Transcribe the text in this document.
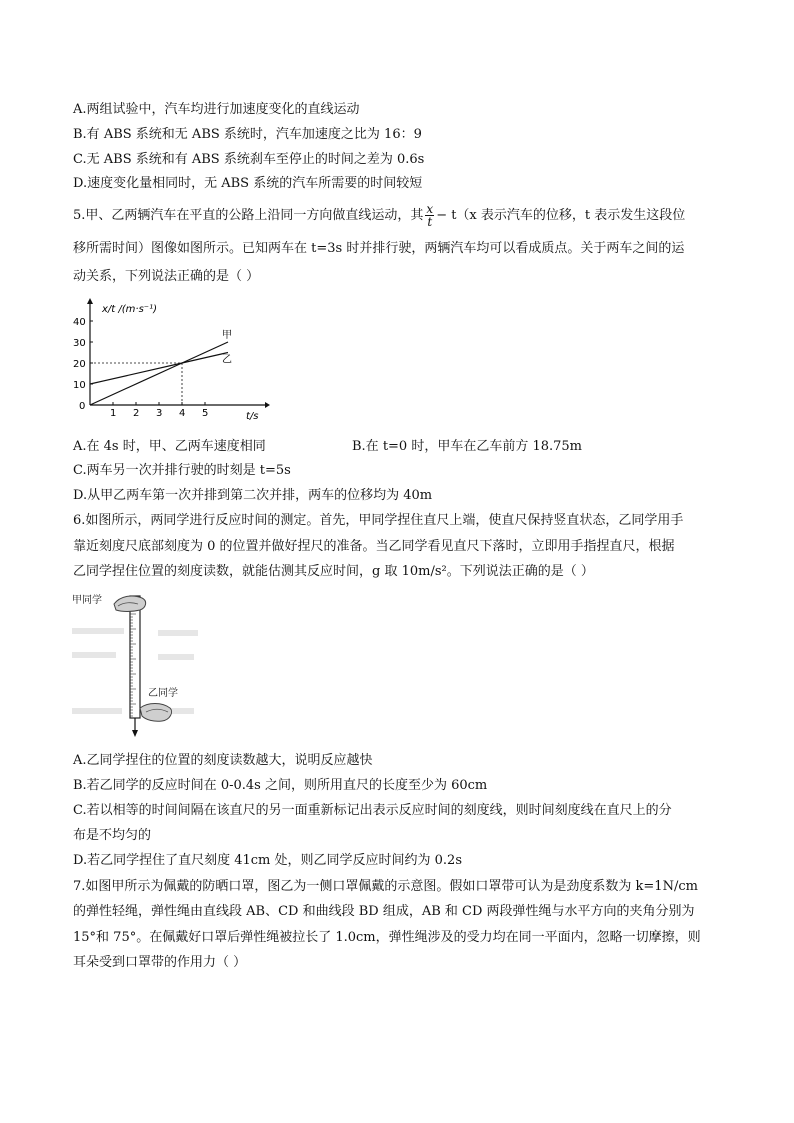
A.两组试验中，汽车均进行加速度变化的直线运动
B.有 ABS 系统和无 ABS 系统时，汽车加速度之比为 16：9
C.无 ABS 系统和有 ABS 系统刹车至停止的时间之差为 0.6s
D.速度变化量相同时，无 ABS 系统的汽车所需要的时间较短
5.甲、乙两辆汽车在平直的公路上沿同一方向做直线运动，其 $\frac{x}{t} - t(x$ 表示汽车的位移，t 表示发生这段位
移所需时间）图像如图所示。已知两车在 t=3s 时并排行驶，两辆汽车均可以看成质点。关于两车之间的运
动关系，下列说法正确的是（ ）
1 2 3 4 5
0
10
20
30
40
甲
乙
x/t /(m·s⁻¹)
t/s
A.在 4s 时，甲、乙两车速度相同	B.在 t=0 时，甲车在乙车前方 18.75m
C.两车另一次并排行驶的时刻是 t=5s
D.从甲乙两车第一次并排到第二次并排，两车的位移均为 40m
6.如图所示，两同学进行反应时间的测定。首先，甲同学捏住直尺上端，使直尺保持竖直状态，乙同学用手
靠近刻度尺底部刻度为 0 的位置并做好捏尺的准备。当乙同学看见直尺下落时，立即用手指捏直尺，根据
乙同学捏住位置的刻度读数，就能估测其反应时间，g 取 10m/s²。下列说法正确的是（ ）
甲同学
乙同学
A.乙同学捏住的位置的刻度读数越大，说明反应越快
B.若乙同学的反应时间在 0-0.4s 之间，则所用直尺的长度至少为 60cm
C.若以相等的时间间隔在该直尺的另一面重新标记出表示反应时间的刻度线，则时间刻度线在直尺上的分
布是不均匀的
D.若乙同学捏住了直尺刻度 41cm 处，则乙同学反应时间约为 0.2s
7.如图甲所示为佩戴的防晒口罩，图乙为一侧口罩佩戴的示意图。假如口罩带可认为是劲度系数为 k=1N/cm
的弹性轻绳，弹性绳由直线段 AB、CD 和曲线段 BD 组成，AB 和 CD 两段弹性绳与水平方向的夹角分别为
15°和 75°。在佩戴好口罩后弹性绳被拉长了 1.0cm，弹性绳涉及的受力均在同一平面内，忽略一切摩擦，则
耳朵受到口罩带的作用力（ ）
